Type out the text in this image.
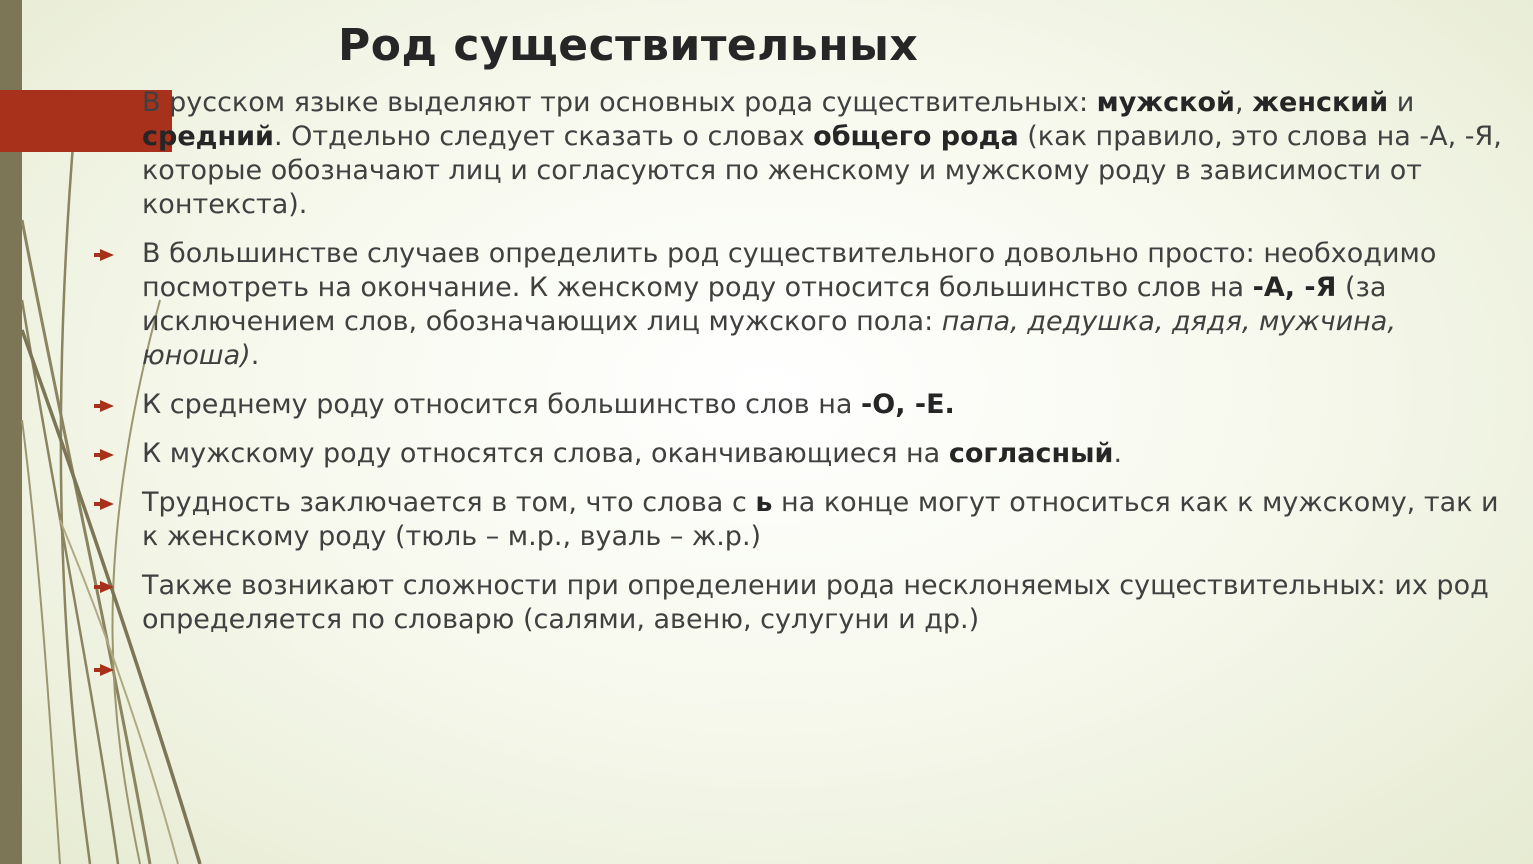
Род существительных
В русском языке выделяют три основных рода существительных: мужской, женский и средний. Отдельно следует сказать о словах общего рода (как правило, это слова на -А, -Я, которые обозначают лиц и согласуются по женскому и мужскому роду в зависимости от контекста).
В большинстве случаев определить род существительного довольно просто: необходимо посмотреть на окончание. К женскому роду относится большинство слов на -А, -Я (за исключением слов, обозначающих лиц мужского пола: папа, дедушка, дядя, мужчина, юноша).
К среднему роду относится большинство слов на -О, -Е.
К мужскому роду относятся слова, оканчивающиеся на согласный.
Трудность заключается в том, что слова с ь на конце могут относиться как к мужскому, так и к женскому роду (тюль – м.р., вуаль – ж.р.)
Также возникают сложности при определении рода несклоняемых существительных: их род определяется по словарю (салями, авеню, сулугуни и др.)
